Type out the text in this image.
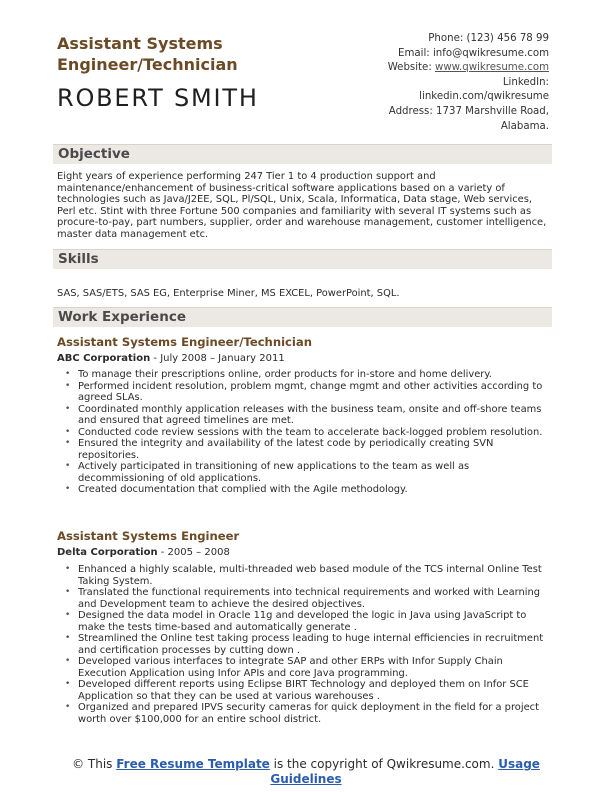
Assistant Systems Engineer/Technician
ROBERT SMITH
Phone: (123) 456 78 99
Email: info@qwikresume.com
Website: www.qwikresume.com
LinkedIn:
linkedin.com/qwikresume
Address: 1737 Marshville Road,
Alabama.
Objective
Eight years of experience performing 247 Tier 1 to 4 production support and maintenance/enhancement of business-critical software applications based on a variety of technologies such as Java/J2EE, SQL, Pl/SQL, Unix, Scala, Informatica, Data stage, Web services, Perl etc. Stint with three Fortune 500 companies and familiarity with several IT systems such as procure-to-pay, part numbers, supplier, order and warehouse management, customer intelligence, master data management etc.
Skills
SAS, SAS/ETS, SAS EG, Enterprise Miner, MS EXCEL, PowerPoint, SQL.
Work Experience
Assistant Systems Engineer/Technician
ABC Corporation - July 2008 – January 2011
• To manage their prescriptions online, order products for in-store and home delivery.
• Performed incident resolution, problem mgmt, change mgmt and other activities according to agreed SLAs.
• Coordinated monthly application releases with the business team, onsite and off-shore teams and ensured that agreed timelines are met.
• Conducted code review sessions with the team to accelerate back-logged problem resolution.
• Ensured the integrity and availability of the latest code by periodically creating SVN repositories.
• Actively participated in transitioning of new applications to the team as well as decommissioning of old applications.
• Created documentation that complied with the Agile methodology.
Assistant Systems Engineer
Delta Corporation - 2005 – 2008
• Enhanced a highly scalable, multi-threaded web based module of the TCS internal Online Test Taking System.
• Translated the functional requirements into technical requirements and worked with Learning and Development team to achieve the desired objectives.
• Designed the data model in Oracle 11g and developed the logic in Java using JavaScript to make the tests time-based and automatically generate .
• Streamlined the Online test taking process leading to huge internal efficiencies in recruitment and certification processes by cutting down .
• Developed various interfaces to integrate SAP and other ERPs with Infor Supply Chain Execution Application using Infor APIs and core Java programming.
• Developed different reports using Eclipse BIRT Technology and deployed them on Infor SCE Application so that they can be used at various warehouses .
• Organized and prepared IPVS security cameras for quick deployment in the field for a project worth over $100,000 for an entire school district.
© This Free Resume Template is the copyright of Qwikresume.com. Usage Guidelines
